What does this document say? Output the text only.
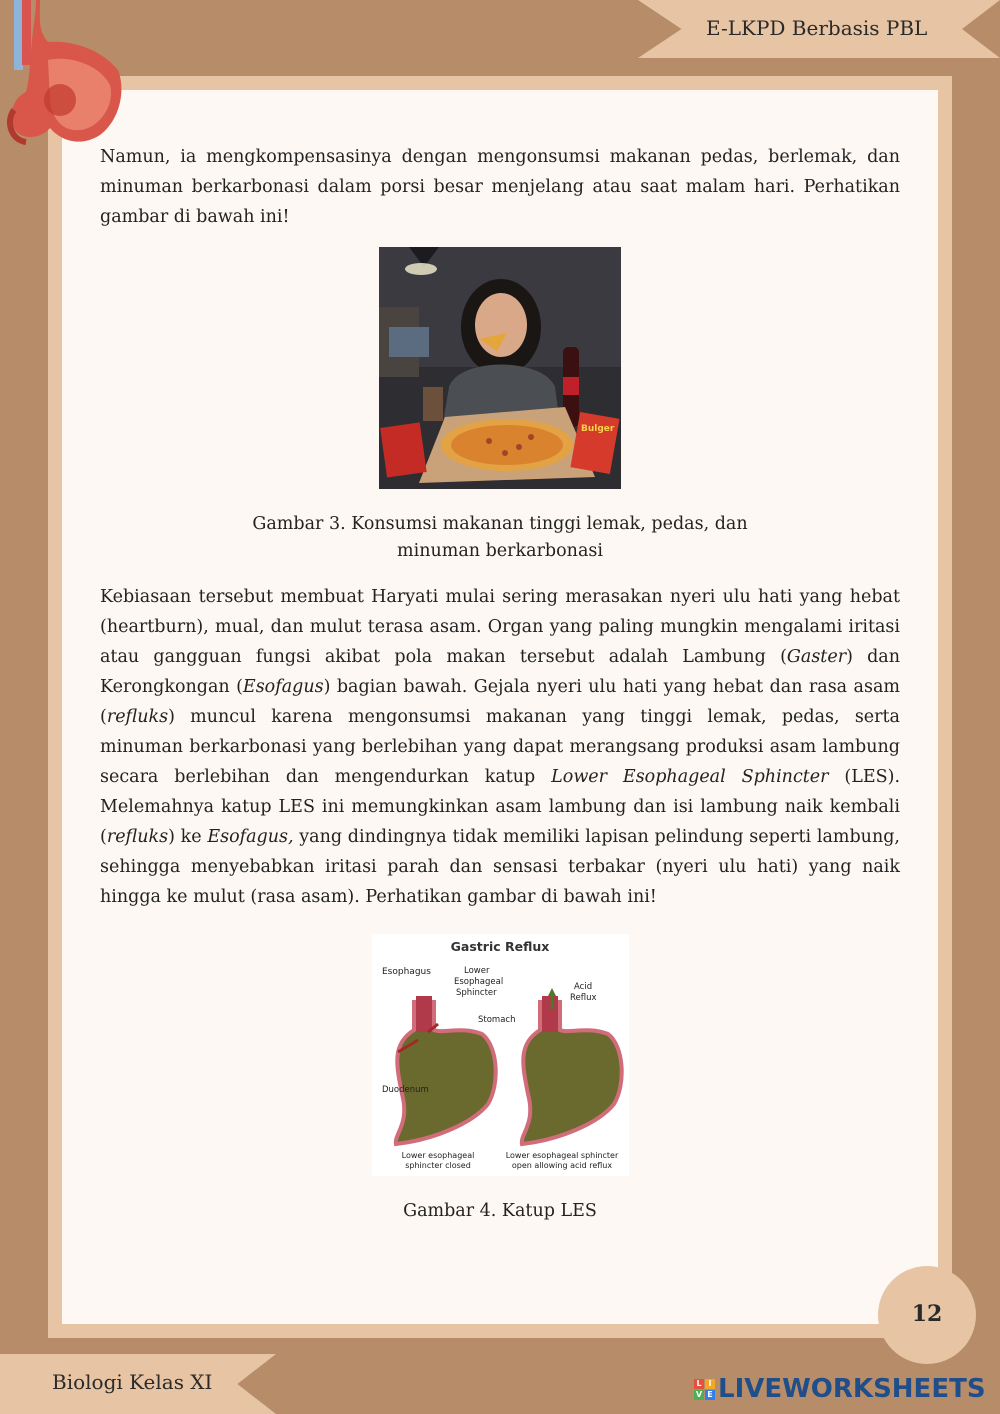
E-LKPD Berbasis PBL
Namun, ia mengkompensasinya dengan mengonsumsi makanan pedas, berlemak, dan minuman berkarbonasi dalam porsi besar menjelang atau saat malam hari. Perhatikan gambar di bawah ini!
Bulger
Gambar 3. Konsumsi makanan tinggi lemak, pedas, dan
minuman berkarbonasi
Kebiasaan tersebut membuat Haryati mulai sering merasakan nyeri ulu hati yang hebat (heartburn), mual, dan mulut terasa asam. Organ yang paling mungkin mengalami iritasi atau gangguan fungsi akibat pola makan tersebut adalah Lambung (Gaster) dan Kerongkongan (Esofagus) bagian bawah. Gejala nyeri ulu hati yang hebat dan rasa asam (refluks) muncul karena mengonsumsi makanan yang tinggi lemak, pedas, serta minuman berkarbonasi yang berlebihan yang dapat merangsang produksi asam lambung secara berlebihan dan mengendurkan katup Lower Esophageal Sphincter (LES). Melemahnya katup LES ini memungkinkan asam lambung dan isi lambung naik kembali (refluks) ke Esofagus, yang dindingnya tidak memiliki lapisan pelindung seperti lambung, sehingga menyebabkan iritasi parah dan sensasi terbakar (nyeri ulu hati) yang naik hingga ke mulut (rasa asam). Perhatikan gambar di bawah ini!
Gastric Reflux
Esophagus	Lower
Esophageal
Sphincter
Stomach
Duodenum
Acid
Reflux
Lower esophageal
sphincter closed
Lower esophageal sphincter
open allowing acid reflux
Gambar 4. Katup LES
12
Biologi Kelas XI	L I
V E LIVEWORKSHEETS
